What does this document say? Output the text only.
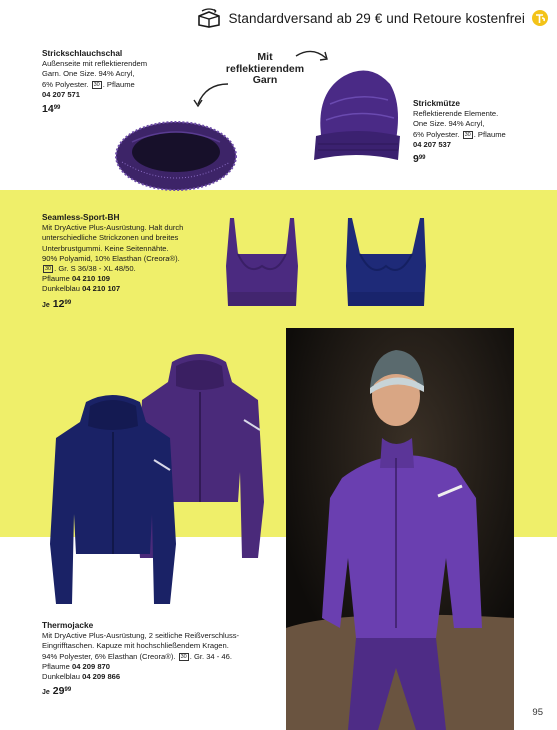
Standardversand ab 29 € und Retoure kostenfrei
Strickschlauchschal
Außenseite mit reflektierendem
Garn. One Size. 94% Acryl,
6% Polyester. 30 . Pflaume
04 207 571
$14^{99}$
Mit
reflektierendem
Garn
Strickmütze
Reflektierende Elemente.
One Size. 94% Acryl,
6% Polyester. 30 . Pflaume
04 207 537
$9^{99}$
Seamless-Sport-BH
Mit DryActive Plus-Ausrüstung. Halt durch
unterschiedliche Strickzonen und breites
Unterbrustgummi. Keine Seitennähte.
90% Polyamid, 10% Elasthan (Creora®).
30 . Gr. S 36/38 - XL 48/50.
Pflaume 04 210 109
Dunkelblau 04 210 107
Je $12^{99}$
Thermojacke
Mit DryActive Plus-Ausrüstung, 2 seitliche Reißverschluss-
Eingrifftaschen. Kapuze mit hochschließendem Kragen.
94% Polyester, 6% Elasthan (Creora®). 30 . Gr. 34 - 46.
Pflaume 04 209 870
Dunkelblau 04 209 866
Je $29^{99}$
95
